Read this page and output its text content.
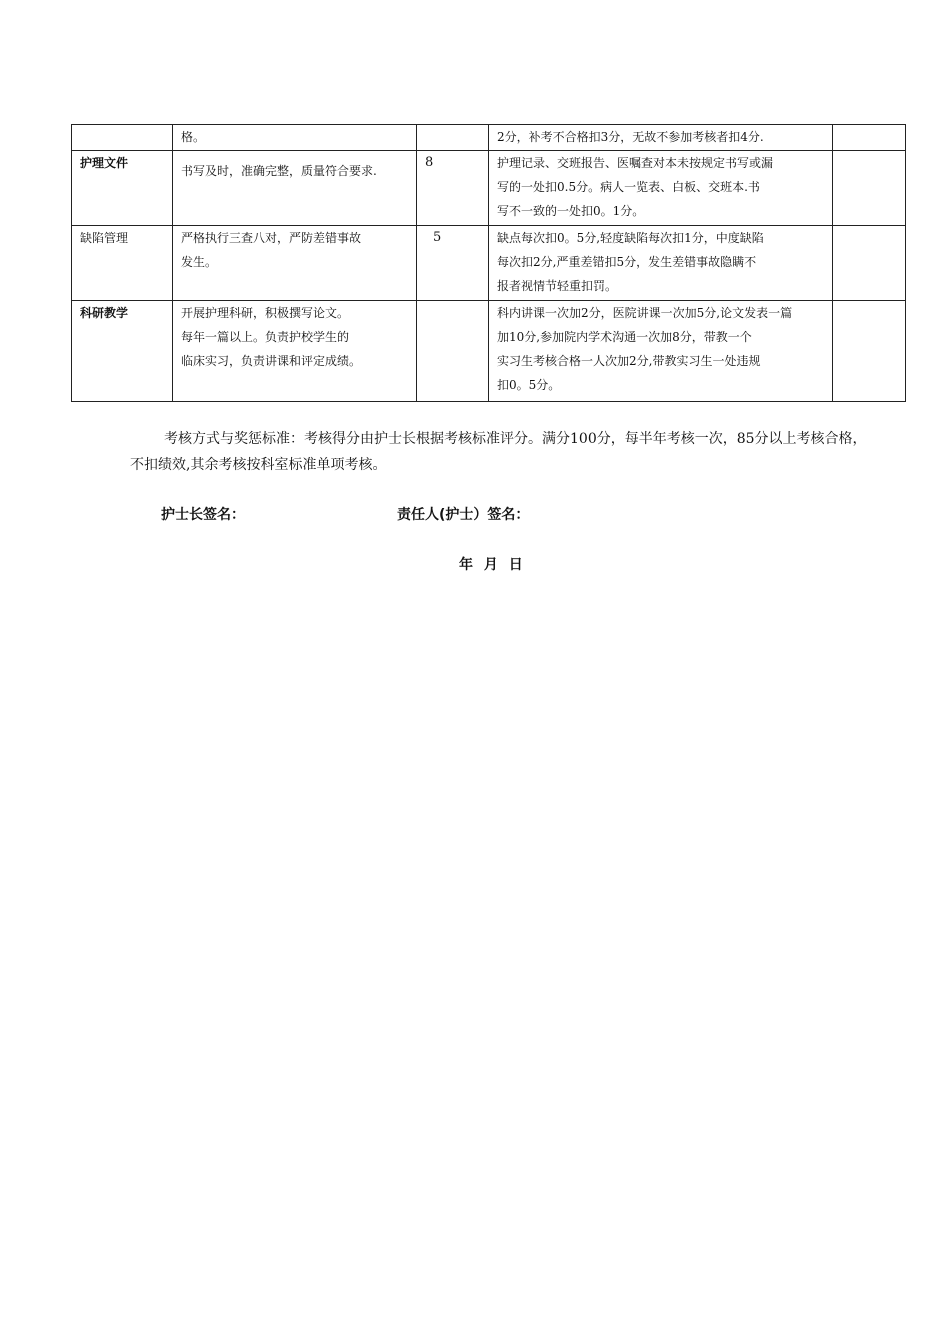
	格。		2分，补考不合格扣3分，无故不参加考核者扣4分.	

护理文件	书写及时，准确完整，质量符合要求.	8	护理记录、交班报告、医嘱查对本未按规定书写或漏
写的一处扣0.5分。病人一览表、白板、交班本.书
写不一致的一处扣0。1分。	

缺陷管理	严格执行三查八对，严防差错事故
发生。	5	缺点每次扣0。5分,轻度缺陷每次扣1分，中度缺陷
每次扣2分,严重差错扣5分，发生差错事故隐瞒不
报者视情节轻重扣罚。	

科研教学	开展护理科研，积极撰写论文。
每年一篇以上。负责护校学生的
临床实习，负责讲课和评定成绩。		科内讲课一次加2分，医院讲课一次加5分,论文发表一篇
加10分,参加院内学术沟通一次加8分，带教一个
实习生考核合格一人次加2分,带教实习生一处违规
扣0。5分。	

考核方式与奖惩标准：考核得分由护士长根据考核标准评分。满分100分，每半年考核一次，85分以上考核合格，不扣绩效,其余考核按科室标准单项考核。
护士长签名：	责任人(护士）签名：
年 月 日
